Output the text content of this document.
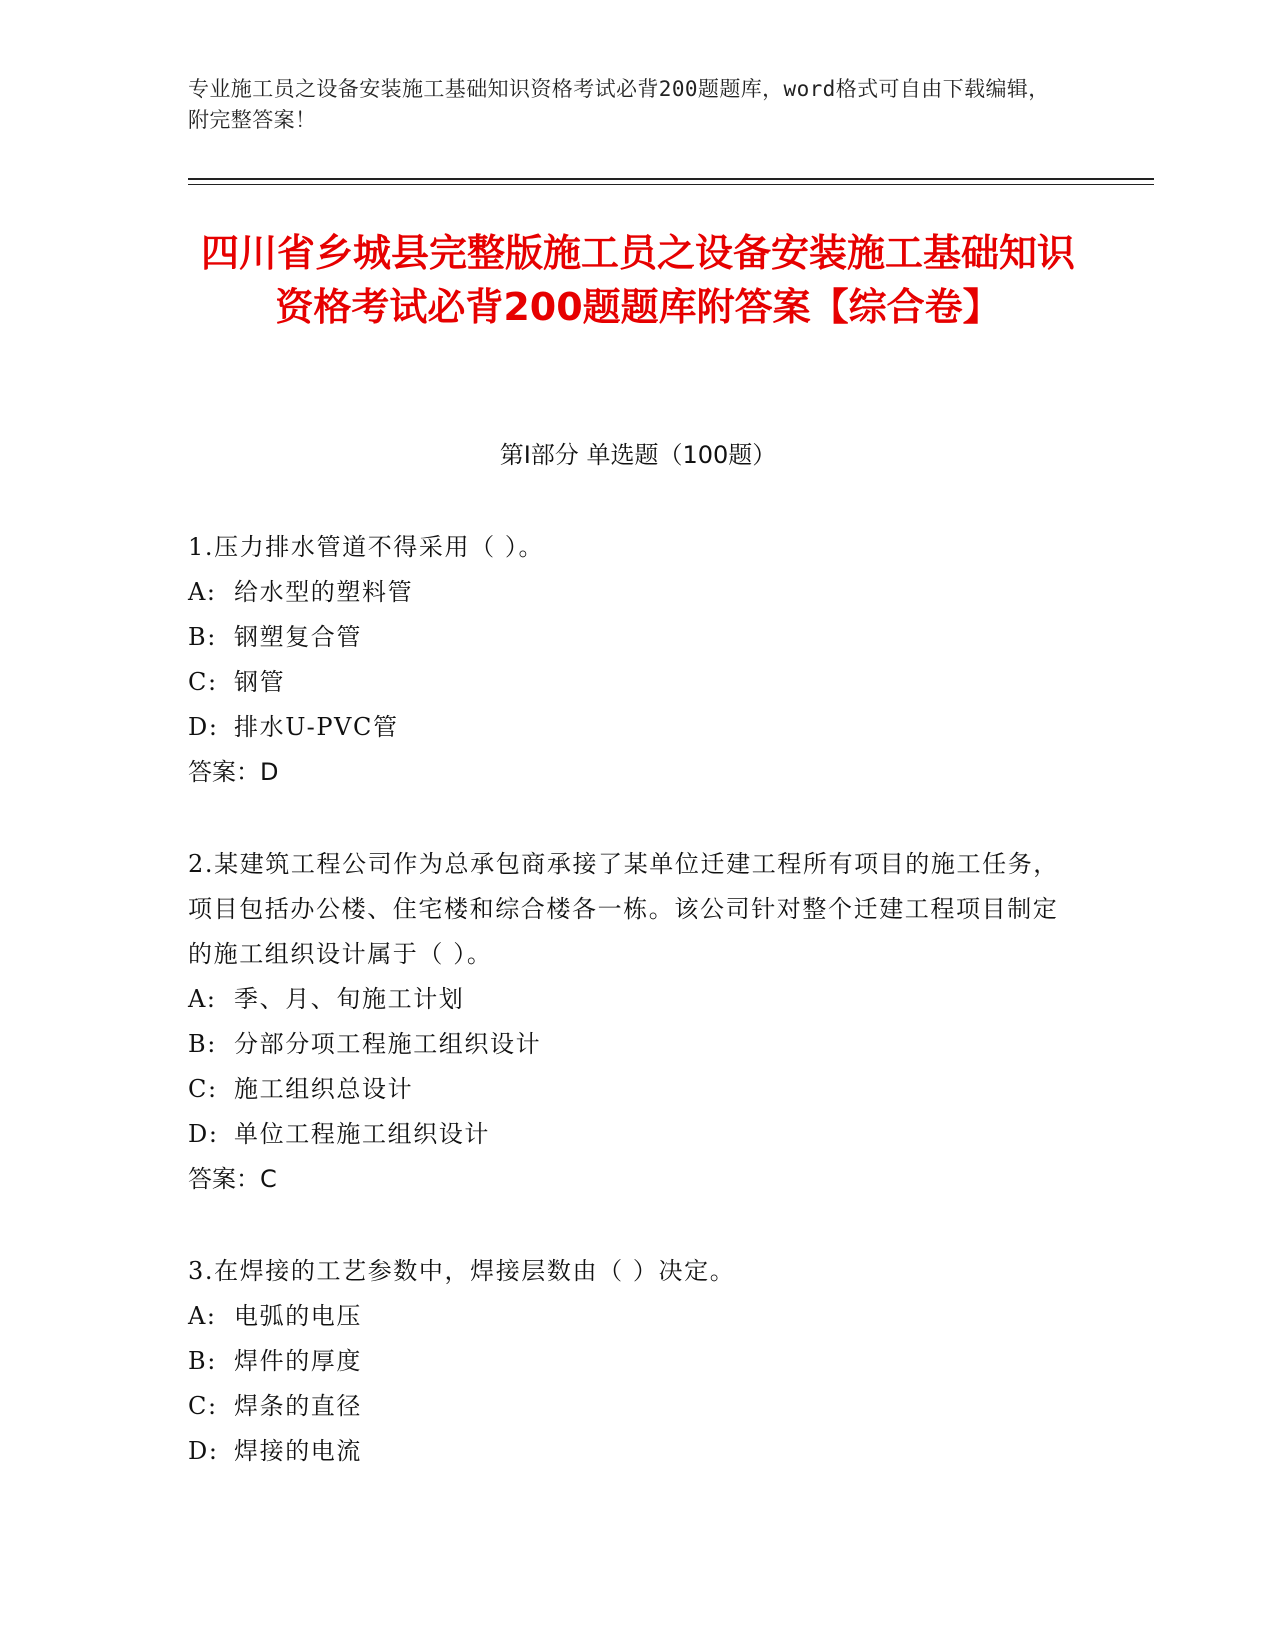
专业施工员之设备安装施工基础知识资格考试必背200题题库，word格式可自由下载编辑，附完整答案！
四川省乡城县完整版施工员之设备安装施工基础知识资格考试必背200题题库附答案【综合卷】
第I部分 单选题（100题）
1.压力排水管道不得采用（ ）。
A: 给水型的塑料管
B: 钢塑复合管
C: 钢管
D: 排水U-PVC管
答案：D
2.某建筑工程公司作为总承包商承接了某单位迁建工程所有项目的施工任务，项目包括办公楼、住宅楼和综合楼各一栋。该公司针对整个迁建工程项目制定的施工组织设计属于（ ）。
A: 季、月、旬施工计划
B: 分部分项工程施工组织设计
C: 施工组织总设计
D: 单位工程施工组织设计
答案：C
3.在焊接的工艺参数中，焊接层数由（ ）决定。
A: 电弧的电压
B: 焊件的厚度
C: 焊条的直径
D: 焊接的电流
